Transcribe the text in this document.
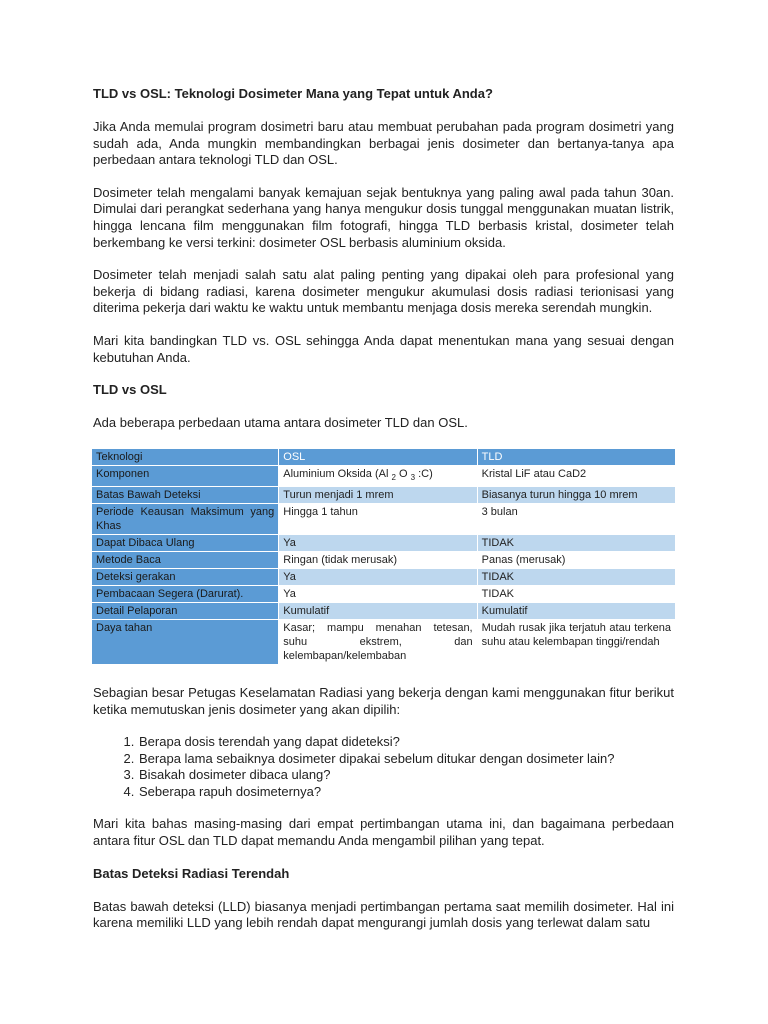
TLD vs OSL: Teknologi Dosimeter Mana yang Tepat untuk Anda?

Jika Anda memulai program dosimetri baru atau membuat perubahan pada program dosimetri yang sudah ada, Anda mungkin membandingkan berbagai jenis dosimeter dan bertanya-tanya apa perbedaan antara teknologi TLD dan OSL.

Dosimeter telah mengalami banyak kemajuan sejak bentuknya yang paling awal pada tahun 30an. Dimulai dari perangkat sederhana yang hanya mengukur dosis tunggal menggunakan muatan listrik, hingga lencana film menggunakan film fotografi, hingga TLD berbasis kristal, dosimeter telah berkembang ke versi terkini: dosimeter OSL berbasis aluminium oksida.

Dosimeter telah menjadi salah satu alat paling penting yang dipakai oleh para profesional yang bekerja di bidang radiasi, karena dosimeter mengukur akumulasi dosis radiasi terionisasi yang diterima pekerja dari waktu ke waktu untuk membantu menjaga dosis mereka serendah mungkin.

Mari kita bandingkan TLD vs. OSL sehingga Anda dapat menentukan mana yang sesuai dengan kebutuhan Anda.

TLD vs OSL

Ada beberapa perbedaan utama antara dosimeter TLD dan OSL.

Teknologi	OSL	TLD
Komponen	Aluminium Oksida (Al $_2$ O $_3$ :C)	Kristal LiF atau CaD2
Batas Bawah Deteksi	Turun menjadi 1 mrem	Biasanya turun hingga 10 mrem
Periode Keausan Maksimum yang Khas	Hingga 1 tahun	3 bulan
Dapat Dibaca Ulang	Ya	TIDAK
Metode Baca	Ringan (tidak merusak)	Panas (merusak)
Deteksi gerakan	Ya	TIDAK
Pembacaan Segera (Darurat).	Ya	TIDAK
Detail Pelaporan	Kumulatif	Kumulatif
Daya tahan	Kasar; mampu menahan tetesan, suhu ekstrem, dan kelembapan/kelembaban	Mudah rusak jika terjatuh atau terkena suhu atau kelembapan tinggi/rendah

Sebagian besar Petugas Keselamatan Radiasi yang bekerja dengan kami menggunakan fitur berikut ketika memutuskan jenis dosimeter yang akan dipilih:

1. Berapa dosis terendah yang dapat dideteksi?
2. Berapa lama sebaiknya dosimeter dipakai sebelum ditukar dengan dosimeter lain?
3. Bisakah dosimeter dibaca ulang?
4. Seberapa rapuh dosimeternya?

Mari kita bahas masing-masing dari empat pertimbangan utama ini, dan bagaimana perbedaan antara fitur OSL dan TLD dapat memandu Anda mengambil pilihan yang tepat.

Batas Deteksi Radiasi Terendah

Batas bawah deteksi (LLD) biasanya menjadi pertimbangan pertama saat memilih dosimeter. Hal ini karena memiliki LLD yang lebih rendah dapat mengurangi jumlah dosis yang terlewat dalam satu
